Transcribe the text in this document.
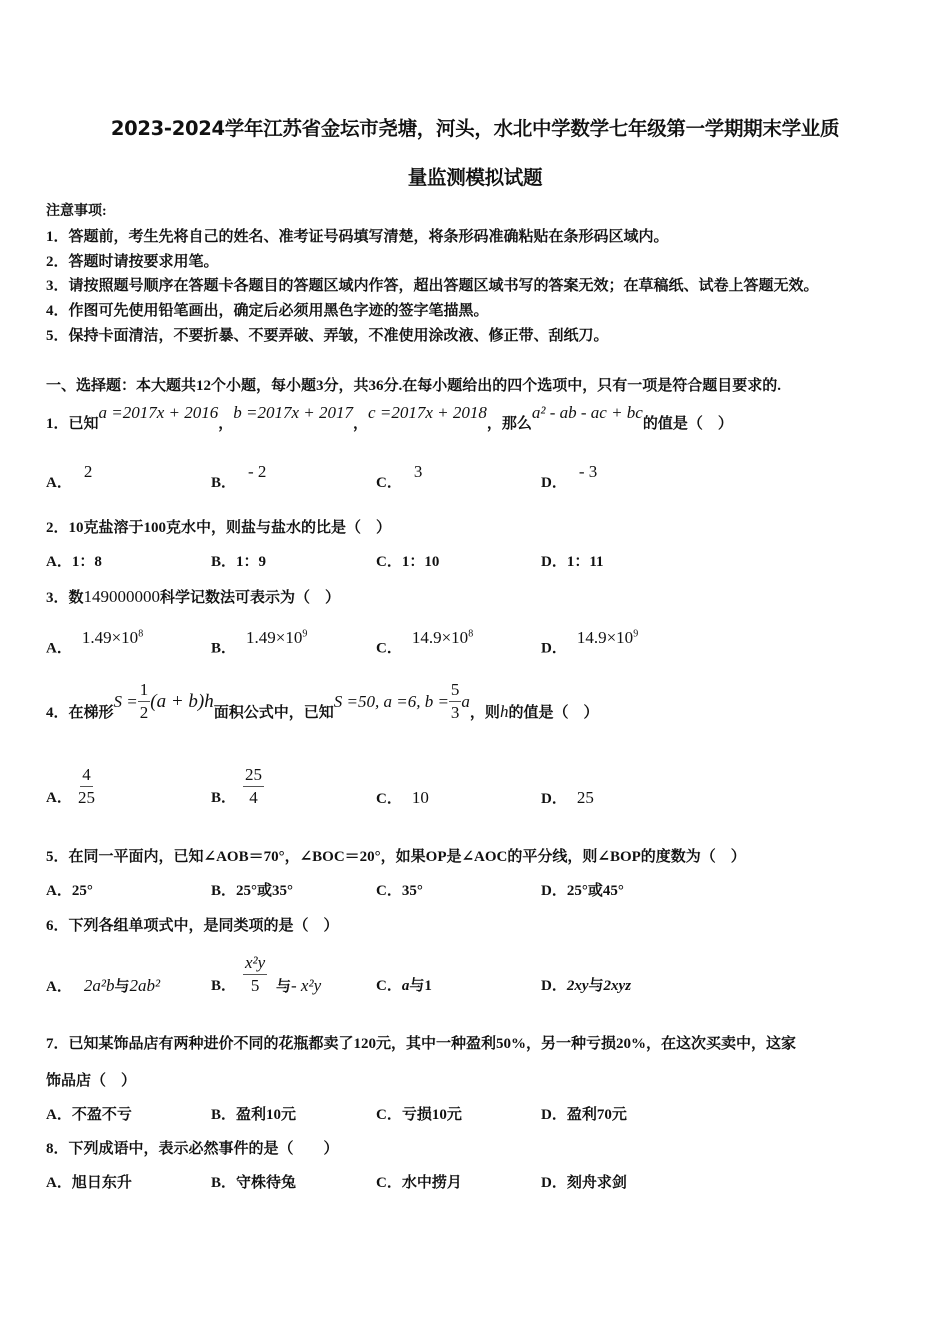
2023-2024学年江苏省金坛市尧塘，河头，水北中学数学七年级第一学期期末学业质
量监测模拟试题
注意事项:
1．答题前，考生先将自己的姓名、准考证号码填写清楚，将条形码准确粘贴在条形码区域内。
2．答题时请按要求用笔。
3．请按照题号顺序在答题卡各题目的答题区域内作答，超出答题区域书写的答案无效；在草稿纸、试卷上答题无效。
4．作图可先使用铅笔画出，确定后必须用黑色字迹的签字笔描黑。
5．保持卡面清洁，不要折暴、不要弄破、弄皱，不准使用涂改液、修正带、刮纸刀。
一、选择题：本大题共12个小题，每小题3分，共36分.在每小题给出的四个选项中，只有一项是符合题目要求的.
1．已知a =2017x + 2016，b =2017x + 2017，c =2017x + 2018，那么a² - ab - ac + bc的值是（　）
A．2
B．- 2
C．3
D．- 3
2．10克盐溶于100克水中，则盐与盐水的比是（　）
A．1：8	B．1：9	C．1：10	D．1：11
3．数149000000科学记数法可表示为（　）
A．$1.49\times 10^8$
B．$1.49\times 10^9$
C．$14.9\times 10^8$
D．$14.9\times 10^9$
4．在梯形$S = \frac{1}{2} (a + b)h$面积公式中，已知S =50, a =6, $b = \frac{5}{3}$ a，则h的值是（　）
A． $\frac{4}{25}$	B． $\frac{25}{4}$	C． 10	D． 25
5．在同一平面内，已知∠AOB＝70°，∠BOC＝20°，如果OP是∠AOC的平分线，则∠BOP的度数为（　）
A．25°	B．25°或35°	C．35°	D．25°或45°
6．下列各组单项式中，是同类项的是（　）
A． 2a²b与2ab²	B． $\frac{\text{x²y}}{5}$ 与- x²y	C．a与1	D．2xy与2xyz
7．已知某饰品店有两种进价不同的花瓶都卖了120元，其中一种盈利50%，另一种亏损20%，在这次买卖中，这家
饰品店（　）
A．不盈不亏	B．盈利10元	C．亏损10元	D．盈利70元
8．下列成语中，表示必然事件的是（　　）
A．旭日东升	B．守株待兔	C．水中捞月	D．刻舟求剑
